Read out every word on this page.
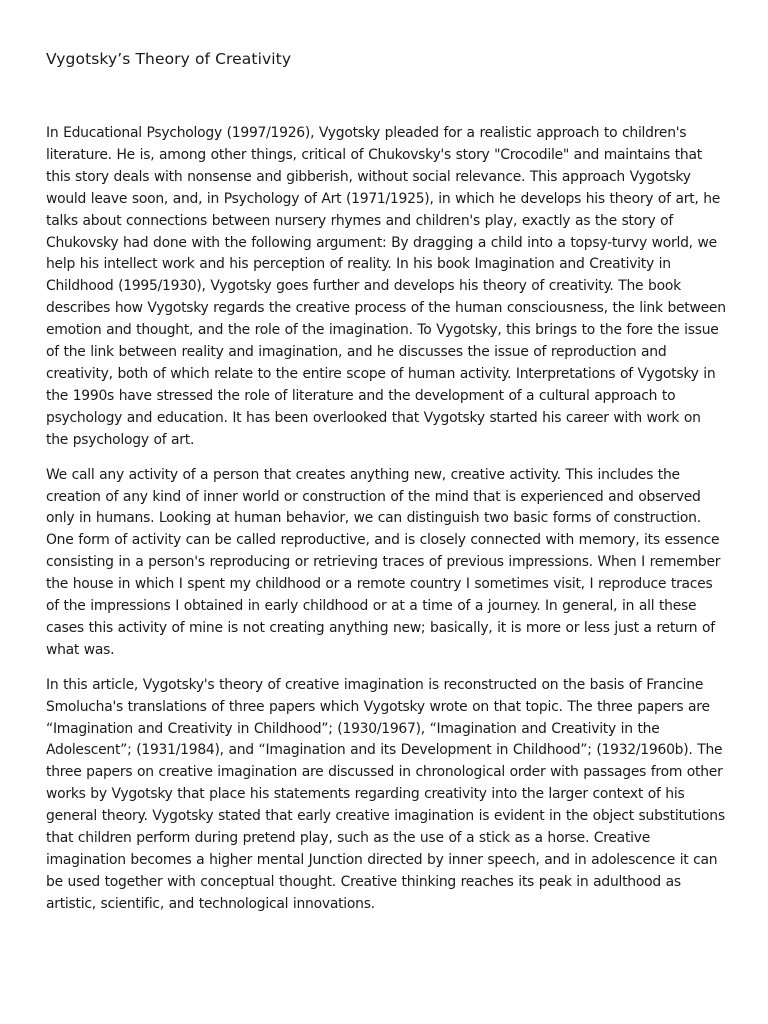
Vygotsky’s Theory of Creativity

In Educational Psychology (1997/1926), Vygotsky pleaded for a realistic approach to children's literature. He is, among other things, critical of Chukovsky's story "Crocodile" and maintains that this story deals with nonsense and gibberish, without social relevance. This approach Vygotsky would leave soon, and, in Psychology of Art (1971/1925), in which he develops his theory of art, he talks about connections between nursery rhymes and children's play, exactly as the story of Chukovsky had done with the following argument: By dragging a child into a topsy-turvy world, we help his intellect work and his perception of reality. In his book Imagination and Creativity in Childhood (1995/1930), Vygotsky goes further and develops his theory of creativity. The book describes how Vygotsky regards the creative process of the human consciousness, the link between emotion and thought, and the role of the imagination. To Vygotsky, this brings to the fore the issue of the link between reality and imagination, and he discusses the issue of reproduction and creativity, both of which relate to the entire scope of human activity. Interpretations of Vygotsky in the 1990s have stressed the role of literature and the development of a cultural approach to psychology and education. It has been overlooked that Vygotsky started his career with work on the psychology of art.

We call any activity of a person that creates anything new, creative activity. This includes the creation of any kind of inner world or construction of the mind that is experienced and observed only in humans. Looking at human behavior, we can distinguish two basic forms of construction. One form of activity can be called reproductive, and is closely connected with memory, its essence consisting in a person's reproducing or retrieving traces of previous impressions. When I remember the house in which I spent my childhood or a remote country I sometimes visit, I reproduce traces of the impressions I obtained in early childhood or at a time of a journey. In general, in all these cases this activity of mine is not creating anything new; basically, it is more or less just a return of what was.

In this article, Vygotsky's theory of creative imagination is reconstructed on the basis of Francine Smolucha's translations of three papers which Vygotsky wrote on that topic. The three papers are “Imagination and Creativity in Childhood”; (1930/1967), “Imagination and Creativity in the Adolescent”; (1931/1984), and “Imagination and its Development in Childhood”; (1932/1960b). The three papers on creative imagination are discussed in chronological order with passages from other works by Vygotsky that place his statements regarding creativity into the larger context of his general theory. Vygotsky stated that early creative imagination is evident in the object substitutions that children perform during pretend play, such as the use of a stick as a horse. Creative imagination becomes a higher mental Junction directed by inner speech, and in adolescence it can be used together with conceptual thought. Creative thinking reaches its peak in adulthood as artistic, scientific, and technological innovations.
